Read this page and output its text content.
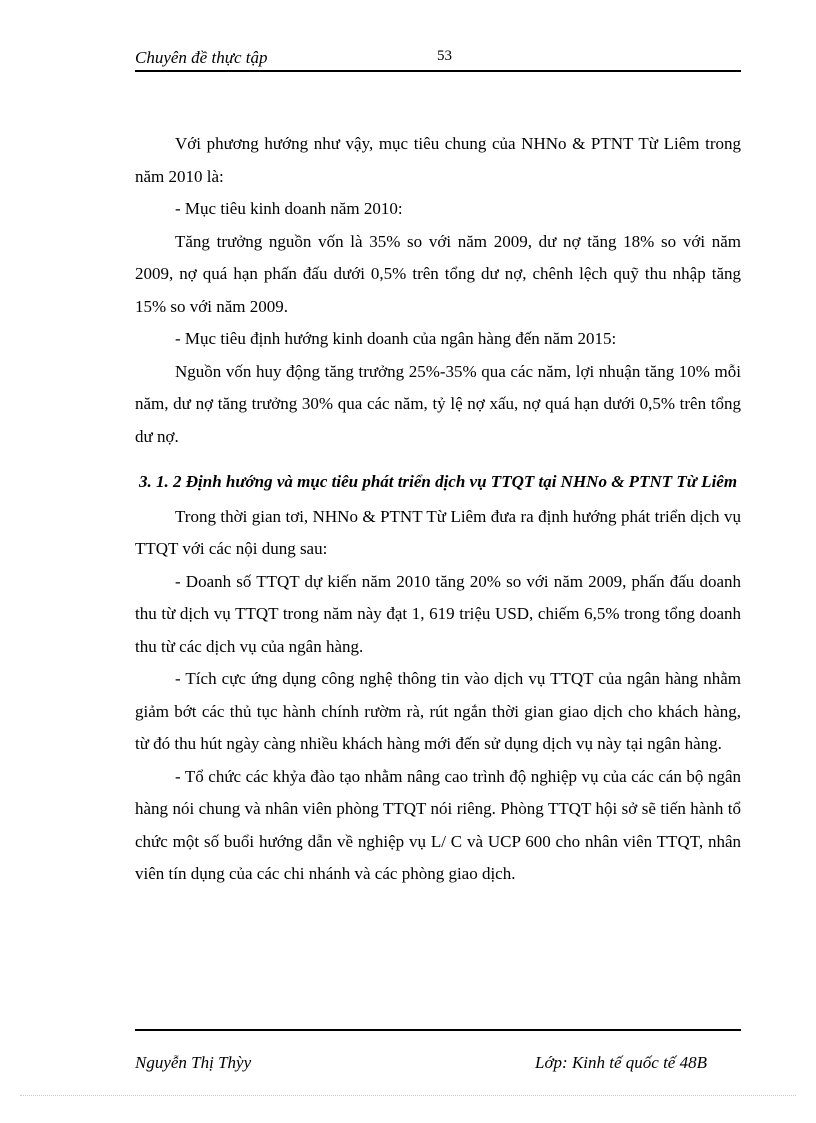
Chuyên đề thực tập	53

Với phương hướng như vậy, mục tiêu chung của NHNo & PTNT Từ Liêm trong năm 2010 là:

- Mục tiêu kinh doanh năm 2010:

Tăng trưởng nguồn vốn là 35% so với năm 2009, dư nợ tăng 18% so với năm 2009, nợ quá hạn phấn đấu dưới 0,5% trên tổng dư nợ, chênh lệch quỹ thu nhập tăng 15% so với năm 2009.

- Mục tiêu định hướng kinh doanh của ngân hàng đến năm 2015:

Nguồn vốn huy động tăng trưởng 25%-35% qua các năm, lợi nhuận tăng 10% mỗi năm, dư nợ tăng trưởng 30% qua các năm, tỷ lệ nợ xấu, nợ quá hạn dưới 0,5% trên tổng dư nợ.

3. 1. 2 Định hướng và mục tiêu phát triển dịch vụ TTQT tại NHNo & PTNT Từ Liêm

Trong thời gian tơi, NHNo & PTNT Từ Liêm đưa ra định hướng phát triển dịch vụ TTQT với các nội dung sau:

- Doanh số TTQT dự kiến năm 2010 tăng 20% so với năm 2009, phấn đấu doanh thu từ dịch vụ TTQT trong năm này đạt 1, 619 triệu USD, chiếm 6,5% trong tổng doanh thu từ các dịch vụ của ngân hàng.

- Tích cực ứng dụng công nghệ thông tin vào dịch vụ TTQT của ngân hàng nhằm giảm bớt các thủ tục hành chính rườm rà, rút ngắn thời gian giao dịch cho khách hàng, từ đó thu hút ngày càng nhiều khách hàng mới đến sử dụng dịch vụ này tại ngân hàng.

- Tổ chức các khỷa đào tạo nhằm nâng cao trình độ nghiệp vụ của các cán bộ ngân hàng nói chung và nhân viên phòng TTQT nói riêng. Phòng TTQT hội sở sẽ tiến hành tổ chức một số buổi hướng dẫn về nghiệp vụ L/ C và UCP 600 cho nhân viên TTQT, nhân viên tín dụng của các chi nhánh và các phòng giao dịch.

Nguyễn Thị Thỳy	Lớp: Kinh tế quốc tế 48B
